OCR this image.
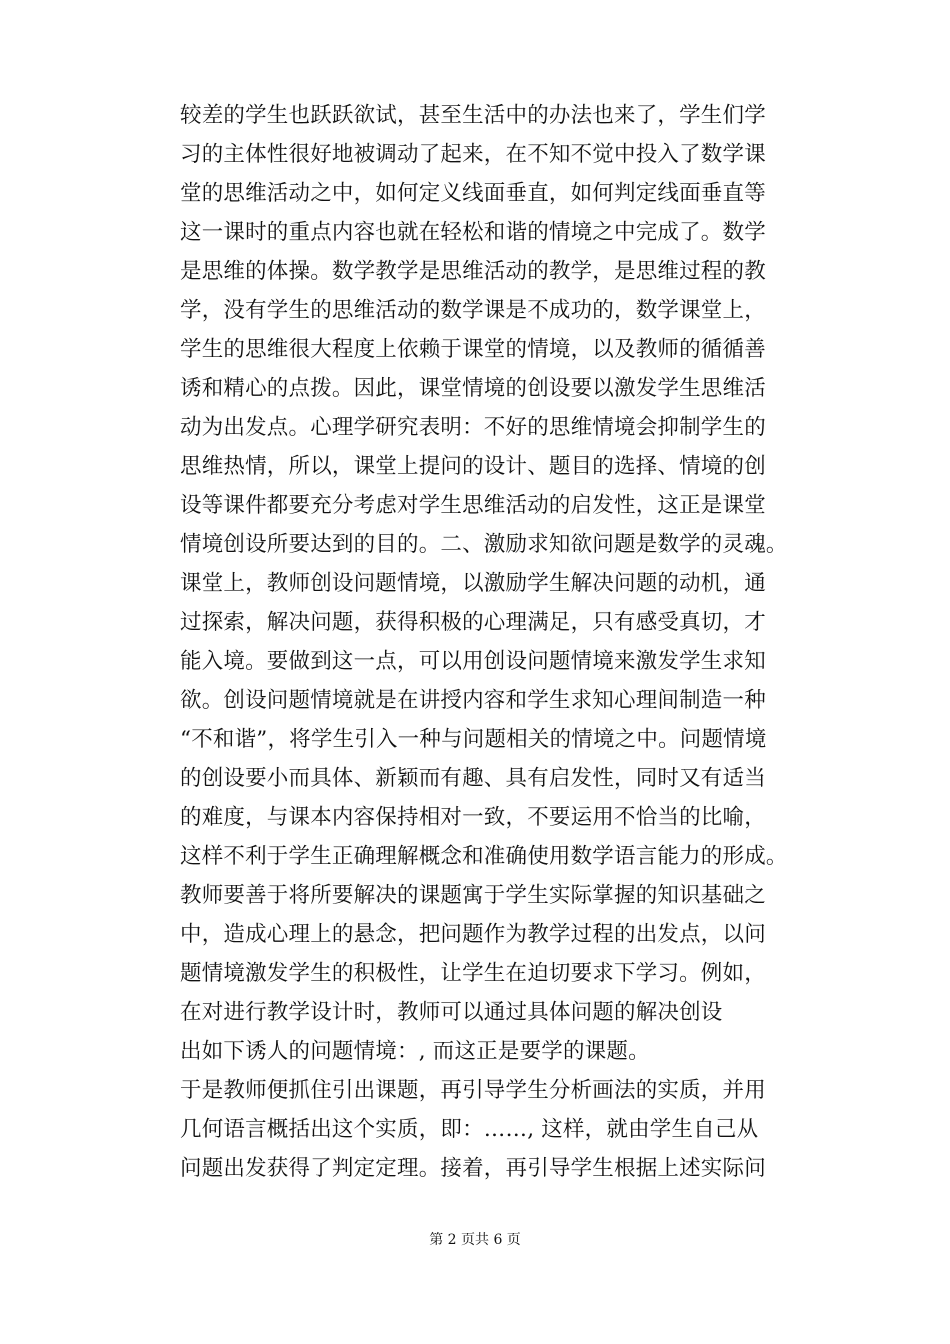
较差的学生也跃跃欲试，甚至生活中的办法也来了，学生们学
习的主体性很好地被调动了起来，在不知不觉中投入了数学课
堂的思维活动之中，如何定义线面垂直，如何判定线面垂直等
这一课时的重点内容也就在轻松和谐的情境之中完成了。数学
是思维的体操。数学教学是思维活动的教学，是思维过程的教
学，没有学生的思维活动的数学课是不成功的，数学课堂上，
学生的思维很大程度上依赖于课堂的情境，以及教师的循循善
诱和精心的点拨。因此，课堂情境的创设要以激发学生思维活
动为出发点。心理学研究表明：不好的思维情境会抑制学生的
思维热情，所以，课堂上提问的设计、题目的选择、情境的创
设等课件都要充分考虑对学生思维活动的启发性，这正是课堂
情境创设所要达到的目的。二、激励求知欲问题是数学的灵魂。
课堂上，教师创设问题情境，以激励学生解决问题的动机，通
过探索，解决问题，获得积极的心理满足，只有感受真切，才
能入境。要做到这一点，可以用创设问题情境来激发学生求知
欲。创设问题情境就是在讲授内容和学生求知心理间制造一种
“不和谐”，将学生引入一种与问题相关的情境之中。问题情境
的创设要小而具体、新颖而有趣、具有启发性，同时又有适当
的难度，与课本内容保持相对一致，不要运用不恰当的比喻，
这样不利于学生正确理解概念和准确使用数学语言能力的形成。
教师要善于将所要解决的课题寓于学生实际掌握的知识基础之
中，造成心理上的悬念，把问题作为教学过程的出发点，以问
题情境激发学生的积极性，让学生在迫切要求下学习。例如，
在对进行教学设计时，教师可以通过具体问题的解决创设
出如下诱人的问题情境：, 而这正是要学的课题。
于是教师便抓住引出课题，再引导学生分析画法的实质，并用
几何语言概括出这个实质，即：……, 这样，就由学生自己从
问题出发获得了判定定理。接着，再引导学生根据上述实际问
第 2 页共 6 页
